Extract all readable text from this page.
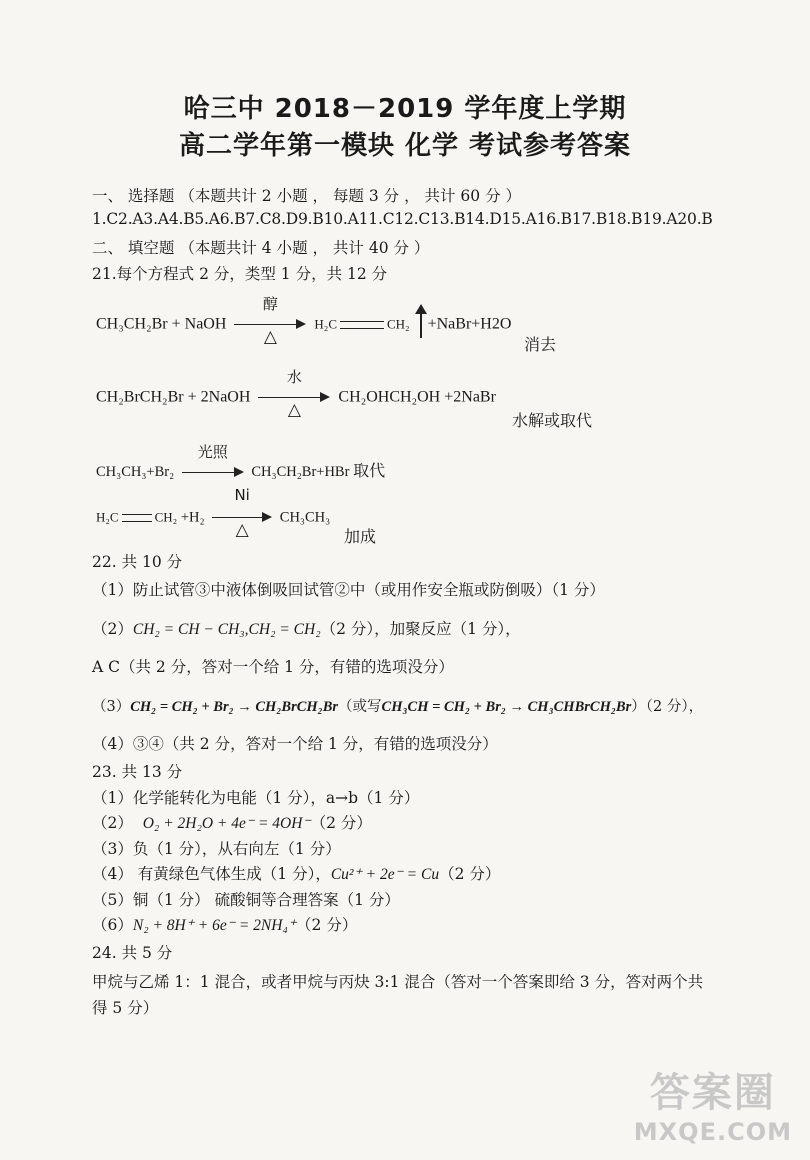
哈三中 2018－2019 学年度上学期
高二学年第一模块 化学 考试参考答案
一、 选择题 （本题共计 2 小题 ， 每题 3 分 ， 共计 60 分 ）
1.C2.A3.A4.B5.A6.B7.C8.D9.B10.A11.C12.C13.B14.D15.A16.B17.B18.B19.A20.B
二、 填空题 （本题共计 4 小题 ， 共计 40 分 ）
21.每个方程式 2 分，类型 1 分，共 12 分
CH₃CH₂Br + NaOH
醇
△
H₂C	CH₂ +NaBr+H2O
消去
CH₂BrCH₂Br + 2NaOH
水
△
CH₂OHCH₂OH +2NaBr
水解或取代
CH₃CH₃+Br₂
光照
CH₃CH₂Br+HBr 取代
H₂C	CH₂ +H₂
Ni
△
CH₃CH₃
加成
22. 共 10 分
（1）防止试管③中液体倒吸回试管②中（或用作安全瓶或防倒吸）（1 分）
（2）CH₂ = CH − CH₃,CH₂ = CH₂（2 分），加聚反应（1 分），
A C（共 2 分，答对一个给 1 分，有错的选项没分）
（3）CH₂ = CH₂ + Br₂ → CH₂BrCH₂Br（或写CH₃CH = CH₂ + Br₂ → CH₃CHBrCH₂Br）（2 分），
（4）③④（共 2 分，答对一个给 1 分，有错的选项没分）
23. 共 13 分
（1）化学能转化为电能（1 分），a→b（1 分）
（2） O₂ + 2H₂O + 4e⁻ = 4OH⁻（2 分）
（3）负（1 分），从右向左（1 分）
（4） 有黄绿色气体生成（1 分），Cu²⁺ + 2e⁻ = Cu（2 分）
（5）铜（1 分） 硫酸铜等合理答案（1 分）
（6）N₂ + 8H⁺ + 6e⁻ = 2NH₄⁺（2 分）
24. 共 5 分
甲烷与乙烯 1：1 混合，或者甲烷与丙炔 3:1 混合（答对一个答案即给 3 分，答对两个共
得 5 分）
答案圈
MXQE.COM
